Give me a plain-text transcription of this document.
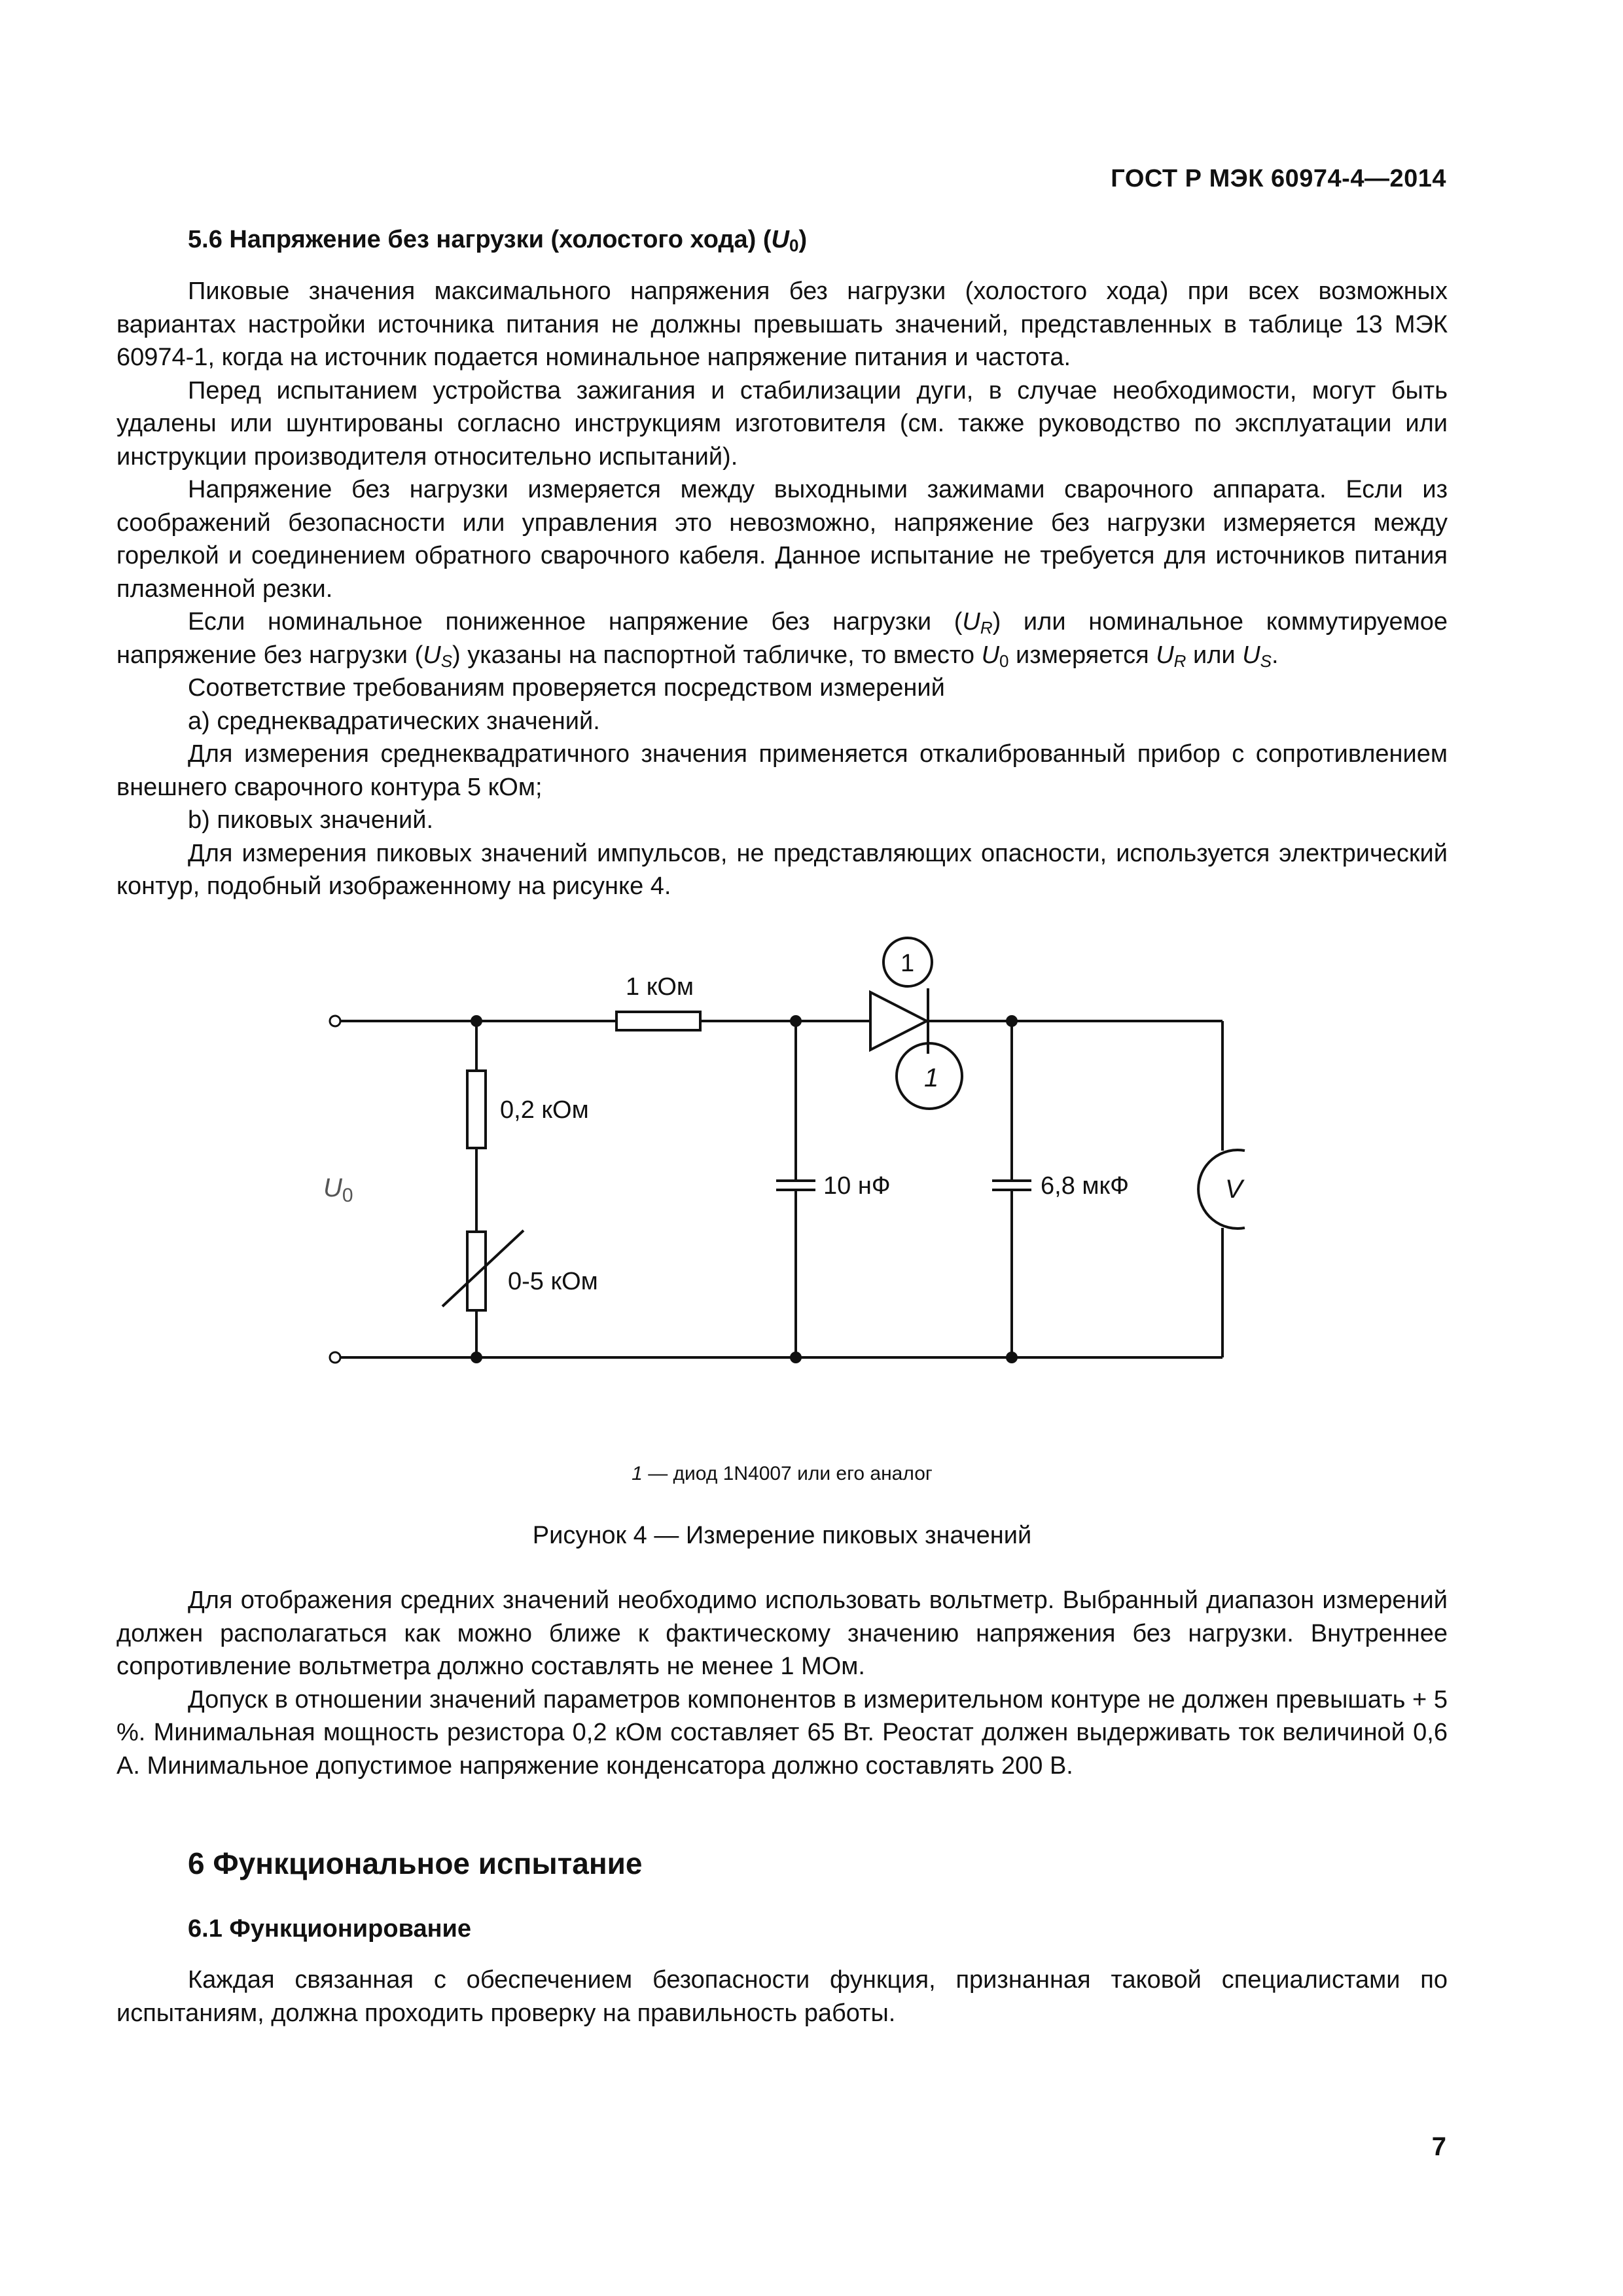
ГОСТ Р МЭК 60974-4—2014
5.6 Напряжение без нагрузки (холостого хода) $(U_0)$

Пиковые значения максимального напряжения без нагрузки (холостого хода) при всех возможных вариантах настройки источника питания не должны превышать значений, представленных в таблице 13 МЭК 60974-1, когда на источник подается номинальное напряжение питания и частота.

Перед испытанием устройства зажигания и стабилизации дуги, в случае необходимости, могут быть удалены или шунтированы согласно инструкциям изготовителя (см. также руководство по эксплуатации или инструкции производителя относительно испытаний).

Напряжение без нагрузки измеряется между выходными зажимами сварочного аппарата. Если из соображений безопасности или управления это невозможно, напряжение без нагрузки измеряется между горелкой и соединением обратного сварочного кабеля. Данное испытание не требуется для источников питания плазменной резки.

Если номинальное пониженное напряжение без нагрузки $(U_R)$ или номинальное коммутируемое напряжение без нагрузки $(U_S)$ указаны на паспортной табличке, то вместо $U_0$ измеряется $U_R$ или $U_S$.

Соответствие требованиям проверяется посредством измерений

a) среднеквадратических значений.

Для измерения среднеквадратичного значения применяется откалиброванный прибор с сопротивлением внешнего сварочного контура 5 кОм;

b) пиковых значений.

Для измерения пиковых значений импульсов, не представляющих опасности, используется электрический контур, подобный изображенному на рисунке 4.

1 кОм
0,2 кОм
0-5 кОм
10 нФ	6,8 мкФ
$U_0$
1
1
V
1 — диод 1N4007 или его аналог
Рисунок 4 — Измерение пиковых значений

Для отображения средних значений необходимо использовать вольтметр. Выбранный диапазон измерений должен располагаться как можно ближе к фактическому значению напряжения без нагрузки. Внутреннее сопротивление вольтметра должно составлять не менее 1 МОм.

Допуск в отношении значений параметров компонентов в измерительном контуре не должен превышать + 5 %. Минимальная мощность резистора 0,2 кОм составляет 65 Вт. Реостат должен выдерживать ток величиной 0,6 А. Минимальное допустимое напряжение конденсатора должно составлять 200 В.

6 Функциональное испытание
6.1 Функционирование

Каждая связанная с обеспечением безопасности функция, признанная таковой специалистами по испытаниям, должна проходить проверку на правильность работы.

7
